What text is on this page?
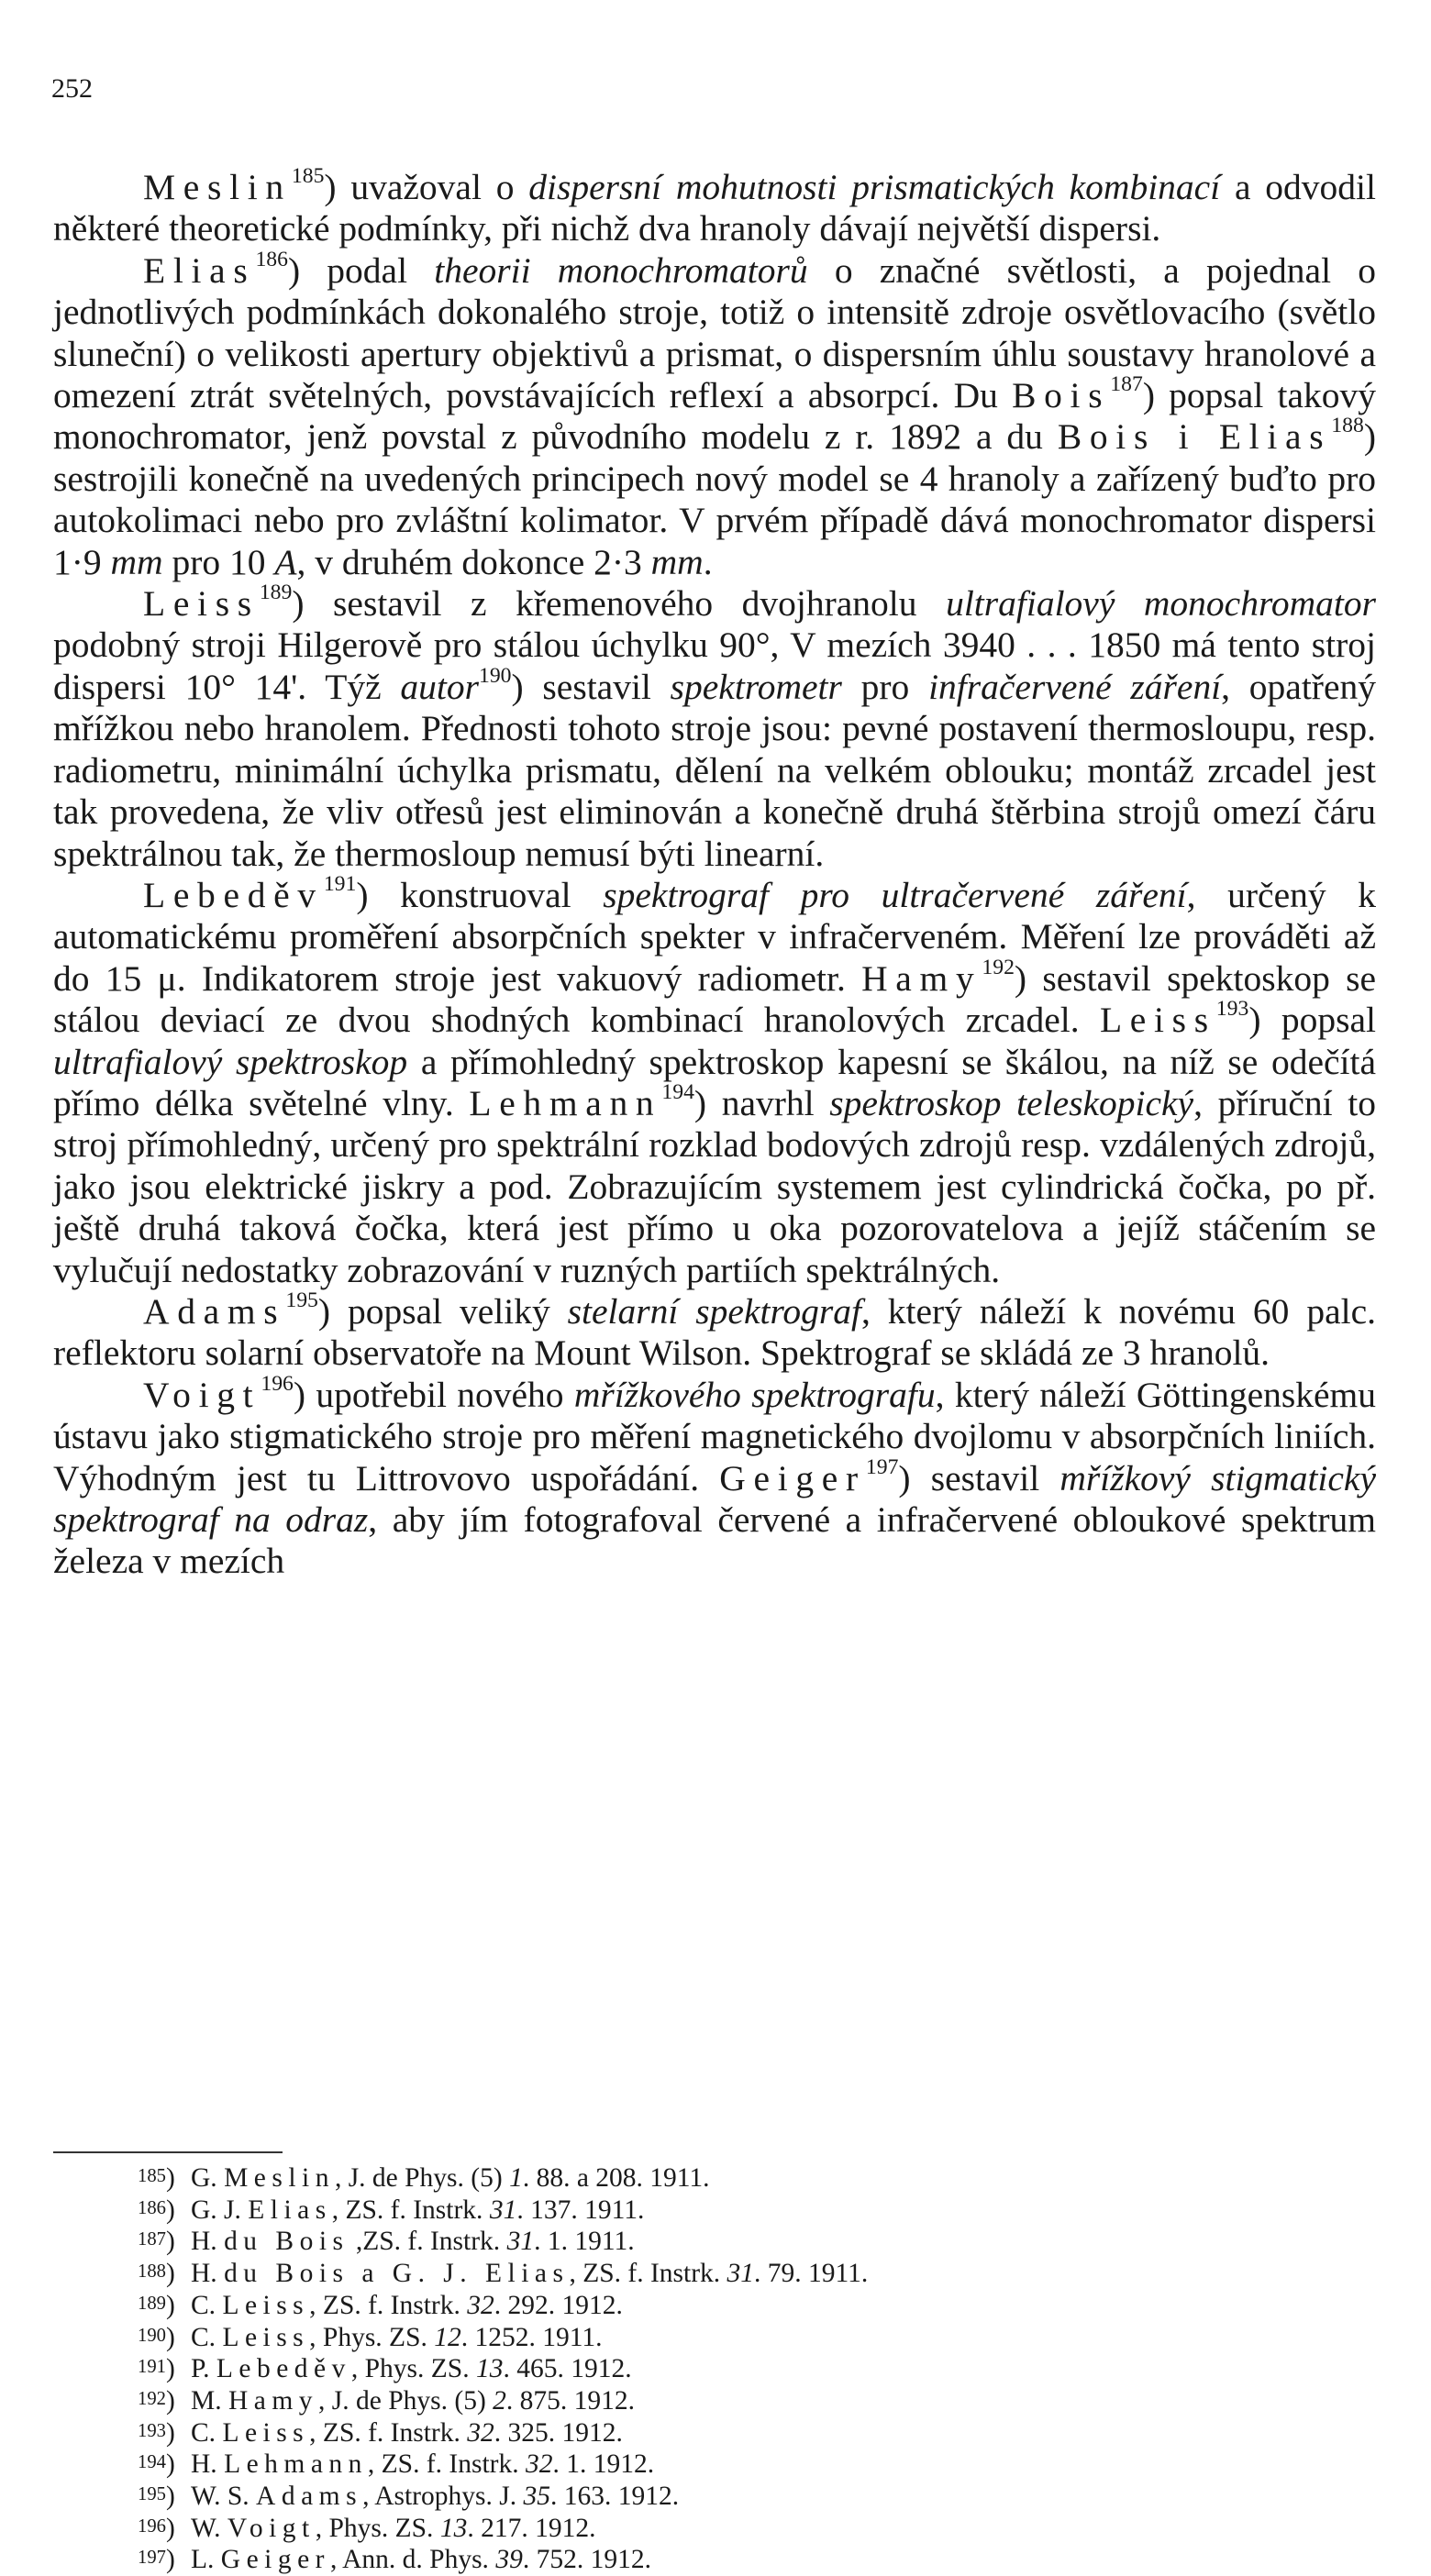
252

Meslin$^{185}$) uvažoval o dispersní mohutnosti prismatických kombinací a odvodil některé theoretické podmínky, při nichž dva hranoly dávají největší dispersi.

Elias$^{186}$) podal theorii monochromatorů o značné světlosti, a pojednal o jednotlivých podmínkách dokonalého stroje, totiž o intensitě zdroje osvětlovacího (světlo sluneční) o velikosti apertury objektivů a prismat, o dispersním úhlu soustavy hranolové a omezení ztrát světelných, povstávajících reflexí a absorpcí. Du Bois$^{187}$) popsal takový monochromator, jenž povstal z původního modelu z r. 1892 a du Bois i Elias$^{188}$) sestrojili konečně na uvedených principech nový model se 4 hranoly a zařízený buďto pro autokolimaci nebo pro zvláštní kolimator. V prvém případě dává monochromator dispersi 1·9 mm pro 10 A, v druhém dokonce 2·3 mm.

Leiss$^{189}$) sestavil z křemenového dvojhranolu ultrafialový monochromator podobný stroji Hilgerově pro stálou úchylku 90°, V mezích 3940 . . . 1850 má tento stroj dispersi 10° 14'. Týž autor$^{190}$) sestavil spektrometr pro infračervené záření, opatřený mřížkou nebo hranolem. Přednosti tohoto stroje jsou: pevné postavení thermosloupu, resp. radiometru, minimální úchylka prismatu, dělení na velkém oblouku; montáž zrcadel jest tak provedena, že vliv otřesů jest eliminován a konečně druhá štěrbina strojů omezí čáru spektrálnou tak, že thermosloup nemusí býti linearní.

Lebeděv$^{191}$) konstruoval spektrograf pro ultračervené záření, určený k automatickému proměření absorpčních spekter v infračerveném. Měření lze prováděti až do 15 μ. Indikatorem stroje jest vakuový radiometr. Hamy$^{192}$) sestavil spektoskop se stálou deviací ze dvou shodných kombinací hranolových zrcadel. Leiss$^{193}$) popsal ultrafialový spektroskop a přímohledný spektroskop kapesní se škálou, na níž se odečítá přímo délka světelné vlny. Lehmann$^{194}$) navrhl spektroskop teleskopický, příruční to stroj přímohledný, určený pro spektrální rozklad bodových zdrojů resp. vzdálených zdrojů, jako jsou elektrické jiskry a pod. Zobrazujícím systemem jest cylindrická čočka, po př. ještě druhá taková čočka, která jest přímo u oka pozorovatelova a jejíž stáčením se vylučují nedostatky zobrazování v ruzných partiích spektrálných.

Adams$^{195}$) popsal veliký stelarní spektrograf, který náleží k novému 60 palc. reflektoru solarní observatoře na Mount Wilson. Spektrograf se skládá ze 3 hranolů.

Voigt$^{196}$) upotřebil nového mřížkového spektrografu, který náleží Göttingenskému ústavu jako stigmatického stroje pro měření magnetického dvojlomu v absorpčních liniích. Výhodným jest tu Littrovovo uspořádání. Geiger$^{197}$) sestavil mřížkový stigmatický spektrograf na odraz, aby jím fotografoval červené a infračervené obloukové spektrum železa v mezích

$^{185}$) G. Meslin, J. de Phys. (5) 1. 88. a 208. 1911.
$^{186}$) G. J. Elias, ZS. f. Instrk. 31. 137. 1911.
$^{187}$) H. du Bois ,ZS. f. Instrk. 31. 1. 1911.
$^{188}$) H. du Bois a G. J. Elias, ZS. f. Instrk. 31. 79. 1911.
$^{189}$) C. Leiss, ZS. f. Instrk. 32. 292. 1912.
$^{190}$) C. Leiss, Phys. ZS. 12. 1252. 1911.
$^{191}$) P. Lebeděv, Phys. ZS. 13. 465. 1912.
$^{192}$) M. Hamy, J. de Phys. (5) 2. 875. 1912.
$^{193}$) C. Leiss, ZS. f. Instrk. 32. 325. 1912.
$^{194}$) H. Lehmann, ZS. f. Instrk. 32. 1. 1912.
$^{195}$) W. S. Adams, Astrophys. J. 35. 163. 1912.
$^{196}$) W. Voigt, Phys. ZS. 13. 217. 1912.
$^{197}$) L. Geiger, Ann. d. Phys. 39. 752. 1912.
